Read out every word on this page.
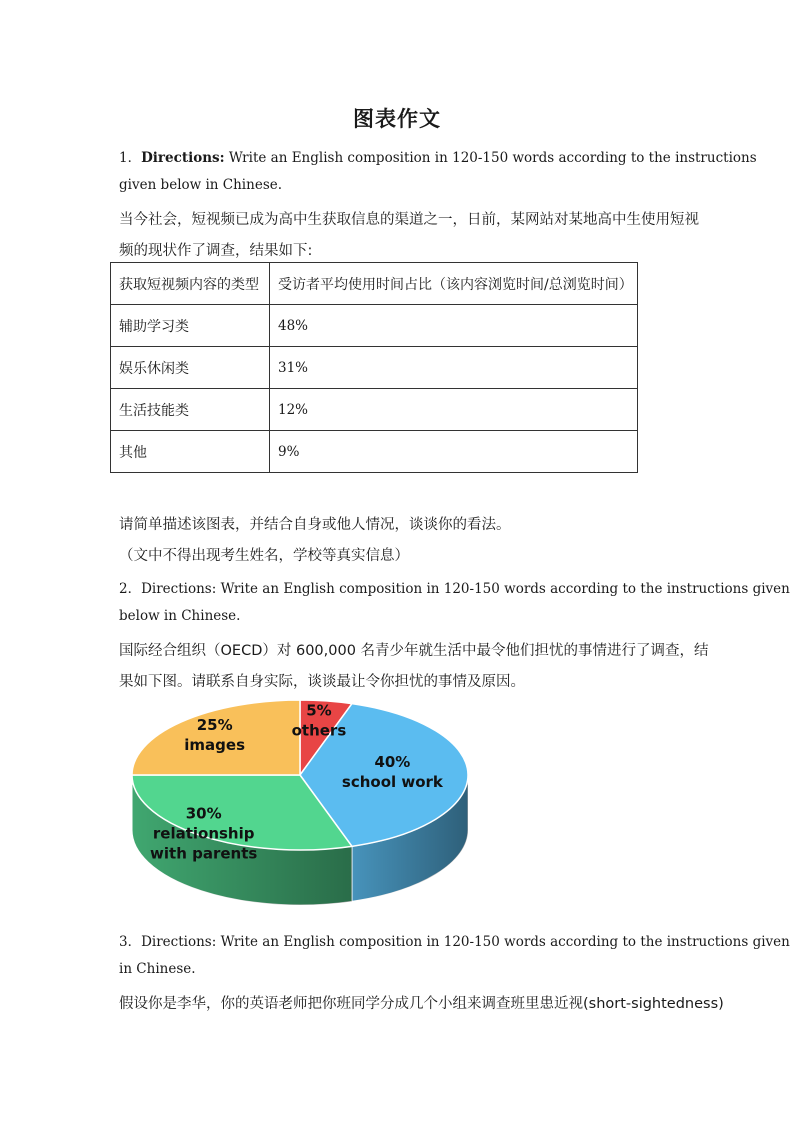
图表作文
1．Directions: Write an English composition in 120-150 words according to the instructions
given below in Chinese.
当今社会，短视频已成为高中生获取信息的渠道之一，日前，某网站对某地高中生使用短视
频的现状作了调查，结果如下:
获取短视频内容的类型	受访者平均使用时间占比（该内容浏览时间/总浏览时间）
辅助学习类	48%
娱乐休闲类	31%
生活技能类	12%
其他	9%
请简单描述该图表，并结合自身或他人情况，谈谈你的看法。
（文中不得出现考生姓名，学校等真实信息）
2．Directions: Write an English composition in 120-150 words according to the instructions given
below in Chinese.
国际经合组织（OECD）对 600,000 名青少年就生活中最令他们担忧的事情进行了调查，结
果如下图。请联系自身实际，谈谈最让令你担忧的事情及原因。
5%
others
40%
school work
30%
relationship
with parents
25%
images
3．Directions: Write an English composition in 120-150 words according to the instructions given
in Chinese.
假设你是李华，你的英语老师把你班同学分成几个小组来调查班里患近视(short-sightedness)
